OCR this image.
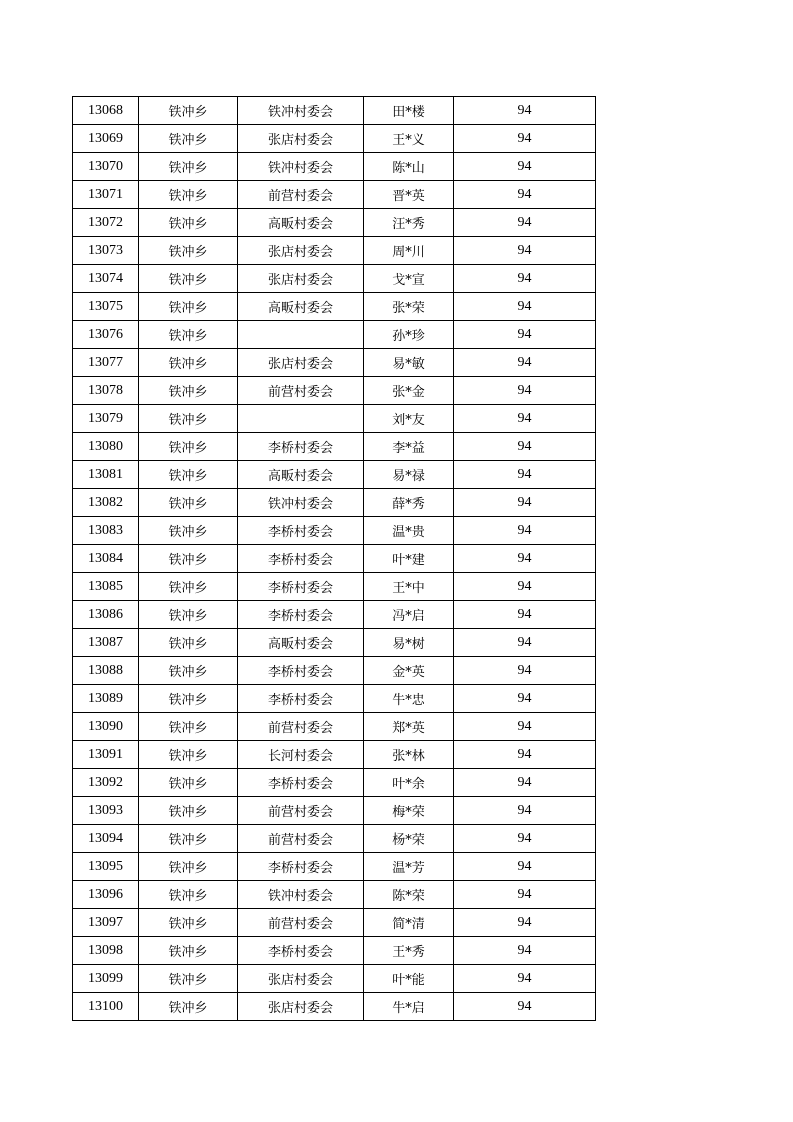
13068	铁冲乡	铁冲村委会	田*楼	94
13069	铁冲乡	张店村委会	王*义	94
13070	铁冲乡	铁冲村委会	陈*山	94
13071	铁冲乡	前营村委会	晋*英	94
13072	铁冲乡	高畈村委会	汪*秀	94
13073	铁冲乡	张店村委会	周*川	94
13074	铁冲乡	张店村委会	戈*宣	94
13075	铁冲乡	高畈村委会	张*荣	94
13076	铁冲乡		孙*珍	94
13077	铁冲乡	张店村委会	易*敏	94
13078	铁冲乡	前营村委会	张*金	94
13079	铁冲乡		刘*友	94
13080	铁冲乡	李桥村委会	李*益	94
13081	铁冲乡	高畈村委会	易*禄	94
13082	铁冲乡	铁冲村委会	薛*秀	94
13083	铁冲乡	李桥村委会	温*贵	94
13084	铁冲乡	李桥村委会	叶*建	94
13085	铁冲乡	李桥村委会	王*中	94
13086	铁冲乡	李桥村委会	冯*启	94
13087	铁冲乡	高畈村委会	易*树	94
13088	铁冲乡	李桥村委会	金*英	94
13089	铁冲乡	李桥村委会	牛*忠	94
13090	铁冲乡	前营村委会	郑*英	94
13091	铁冲乡	长河村委会	张*林	94
13092	铁冲乡	李桥村委会	叶*余	94
13093	铁冲乡	前营村委会	梅*荣	94
13094	铁冲乡	前营村委会	杨*荣	94
13095	铁冲乡	李桥村委会	温*芳	94
13096	铁冲乡	铁冲村委会	陈*荣	94
13097	铁冲乡	前营村委会	简*清	94
13098	铁冲乡	李桥村委会	王*秀	94
13099	铁冲乡	张店村委会	叶*能	94
13100	铁冲乡	张店村委会	牛*启	94
